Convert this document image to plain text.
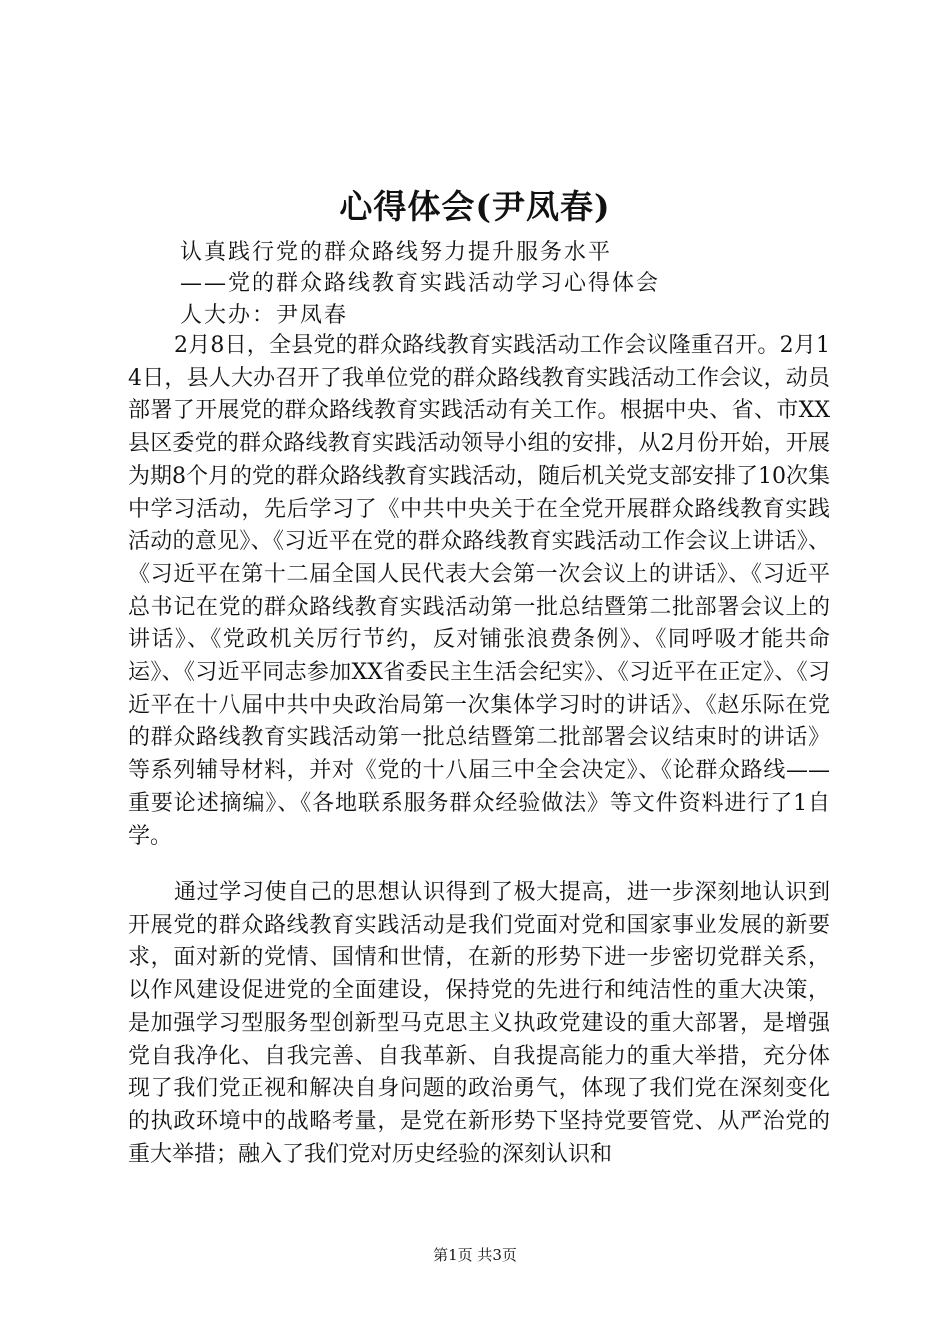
心得体会(尹凤春)
认真践行党的群众路线努力提升服务水平
——党的群众路线教育实践活动学习心得体会
人大办：尹凤春

2月8日，全县党的群众路线教育实践活动工作会议隆重召开。2月14日，县人大办召开了我单位党的群众路线教育实践活动工作会议，动员部署了开展党的群众路线教育实践活动有关工作。根据中央、省、市XX县区委党的群众路线教育实践活动领导小组的安排，从2月份开始，开展为期8个月的党的群众路线教育实践活动，随后机关党支部安排了10次集中学习活动，先后学习了《中共中央关于在全党开展群众路线教育实践活动的意见》、《习近平在党的群众路线教育实践活动工作会议上讲话》、《习近平在第十二届全国人民代表大会第一次会议上的讲话》、《习近平总书记在党的群众路线教育实践活动第一批总结暨第二批部署会议上的讲话》、《党政机关厉行节约，反对铺张浪费条例》、《同呼吸才能共命运》、《习近平同志参加XX省委民主生活会纪实》、《习近平在正定》、《习近平在十八届中共中央政治局第一次集体学习时的讲话》、《赵乐际在党的群众路线教育实践活动第一批总结暨第二批部署会议结束时的讲话》等系列辅导材料，并对《党的十八届三中全会决定》、《论群众路线——重要论述摘编》、《各地联系服务群众经验做法》等文件资料进行了1自学。

通过学习使自己的思想认识得到了极大提高，进一步深刻地认识到开展党的群众路线教育实践活动是我们党面对党和国家事业发展的新要求，面对新的党情、国情和世情，在新的形势下进一步密切党群关系，以作风建设促进党的全面建设，保持党的先进行和纯洁性的重大决策，是加强学习型服务型创新型马克思主义执政党建设的重大部署，是增强党自我净化、自我完善、自我革新、自我提高能力的重大举措，充分体现了我们党正视和解决自身问题的政治勇气，体现了我们党在深刻变化的执政环境中的战略考量，是党在新形势下坚持党要管党、从严治党的重大举措；融入了我们党对历史经验的深刻认识和

第1页 共3页
